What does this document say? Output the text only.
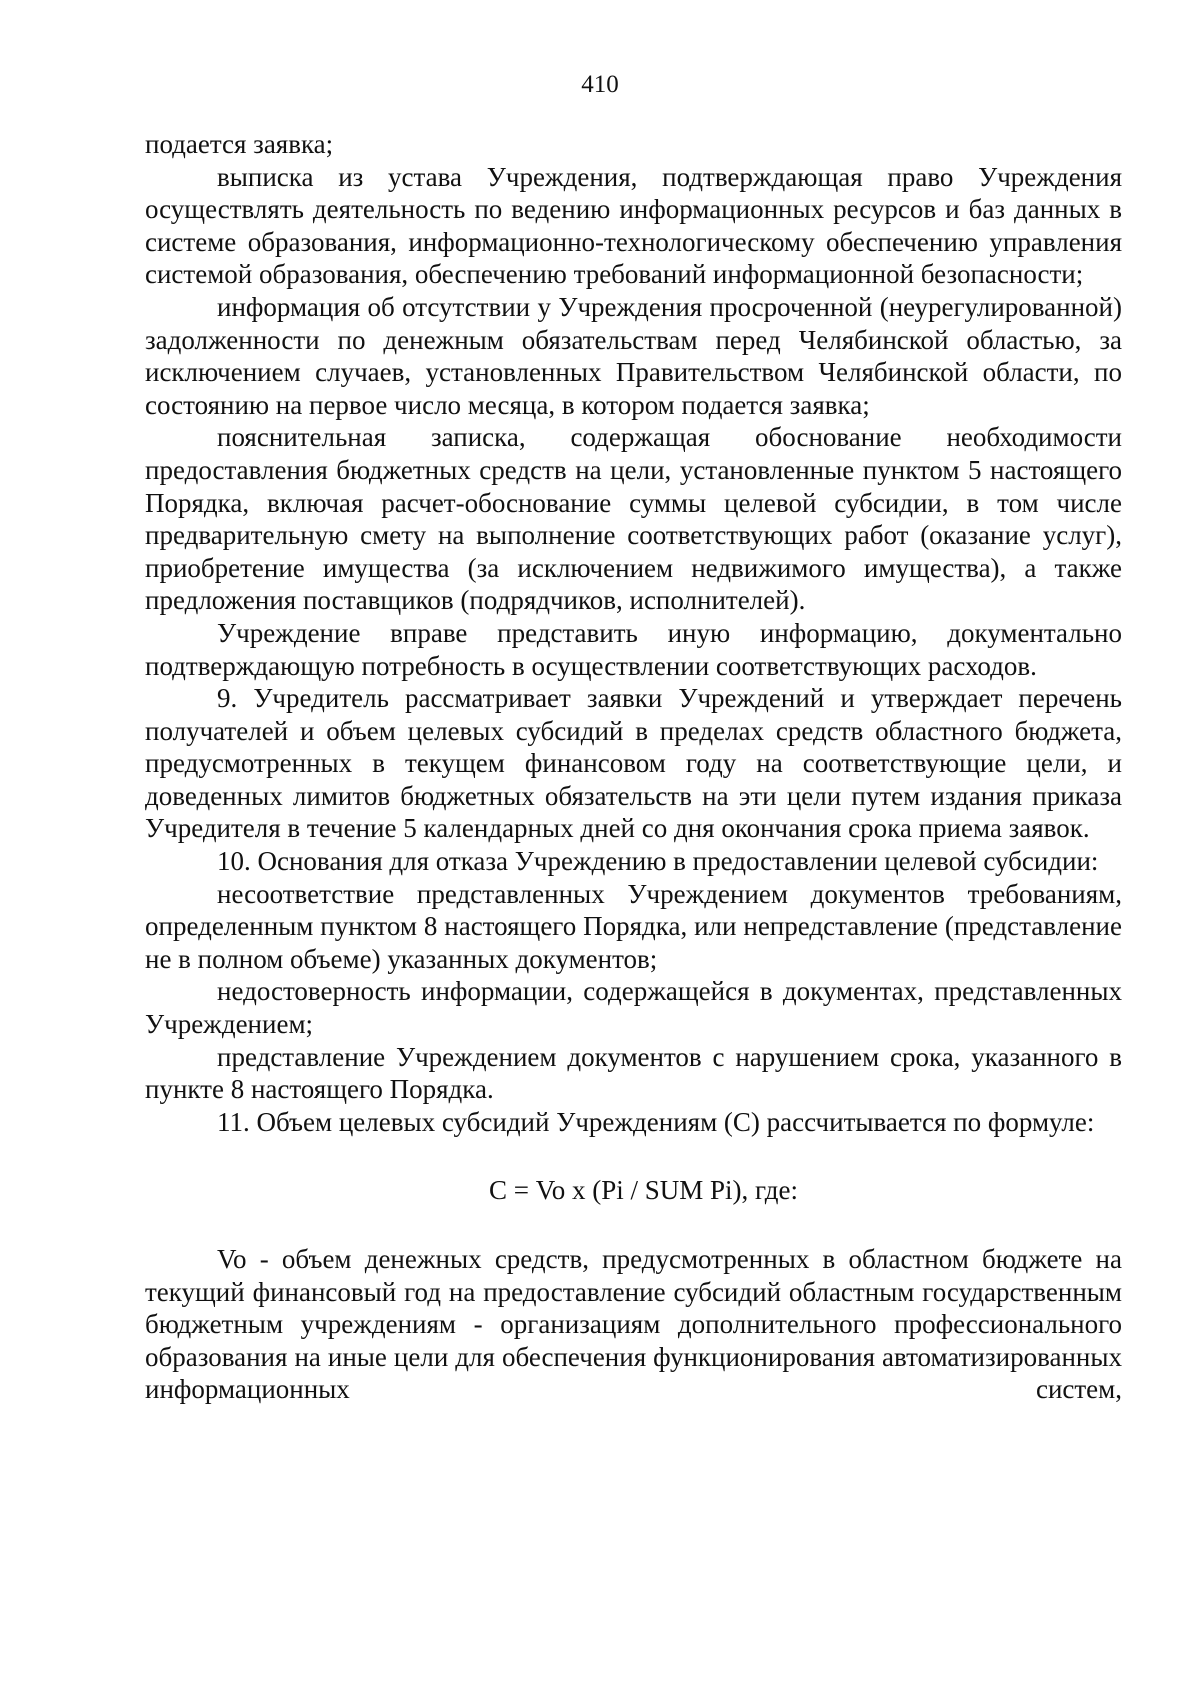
410

подается заявка;

выписка из устава Учреждения, подтверждающая право Учреждения осуществлять деятельность по ведению информационных ресурсов и баз данных в системе образования, информационно-технологическому обеспечению управления системой образования, обеспечению требований информационной безопасности;

информация об отсутствии у Учреждения просроченной (неурегулированной) задолженности по денежным обязательствам перед Челябинской областью, за исключением случаев, установленных Правительством Челябинской области, по состоянию на первое число месяца, в котором подается заявка;

пояснительная записка, содержащая обоснование необходимости предоставления бюджетных средств на цели, установленные пунктом 5 настоящего Порядка, включая расчет-обоснование суммы целевой субсидии, в том числе предварительную смету на выполнение соответствующих работ (оказание услуг), приобретение имущества (за исключением недвижимого имущества), а также предложения поставщиков (подрядчиков, исполнителей).

Учреждение вправе представить иную информацию, документально подтверждающую потребность в осуществлении соответствующих расходов.

9. Учредитель рассматривает заявки Учреждений и утверждает перечень получателей и объем целевых субсидий в пределах средств областного бюджета, предусмотренных в текущем финансовом году на соответствующие цели, и доведенных лимитов бюджетных обязательств на эти цели путем издания приказа Учредителя в течение 5 календарных дней со дня окончания срока приема заявок.

10. Основания для отказа Учреждению в предоставлении целевой субсидии:

несоответствие представленных Учреждением документов требованиям, определенным пунктом 8 настоящего Порядка, или непредставление (представление не в полном объеме) указанных документов;

недостоверность информации, содержащейся в документах, представленных Учреждением;

представление Учреждением документов с нарушением срока, указанного в пункте 8 настоящего Порядка.

11. Объем целевых субсидий Учреждениям (С) рассчитывается по формуле:

С = Vo x (Pi / SUM Pi), где:

Vo - объем денежных средств, предусмотренных в областном бюджете на текущий финансовый год на предоставление субсидий областным государственным бюджетным учреждениям - организациям дополнительного профессионального образования на иные цели для обеспечения функционирования автоматизированных информационных систем,
